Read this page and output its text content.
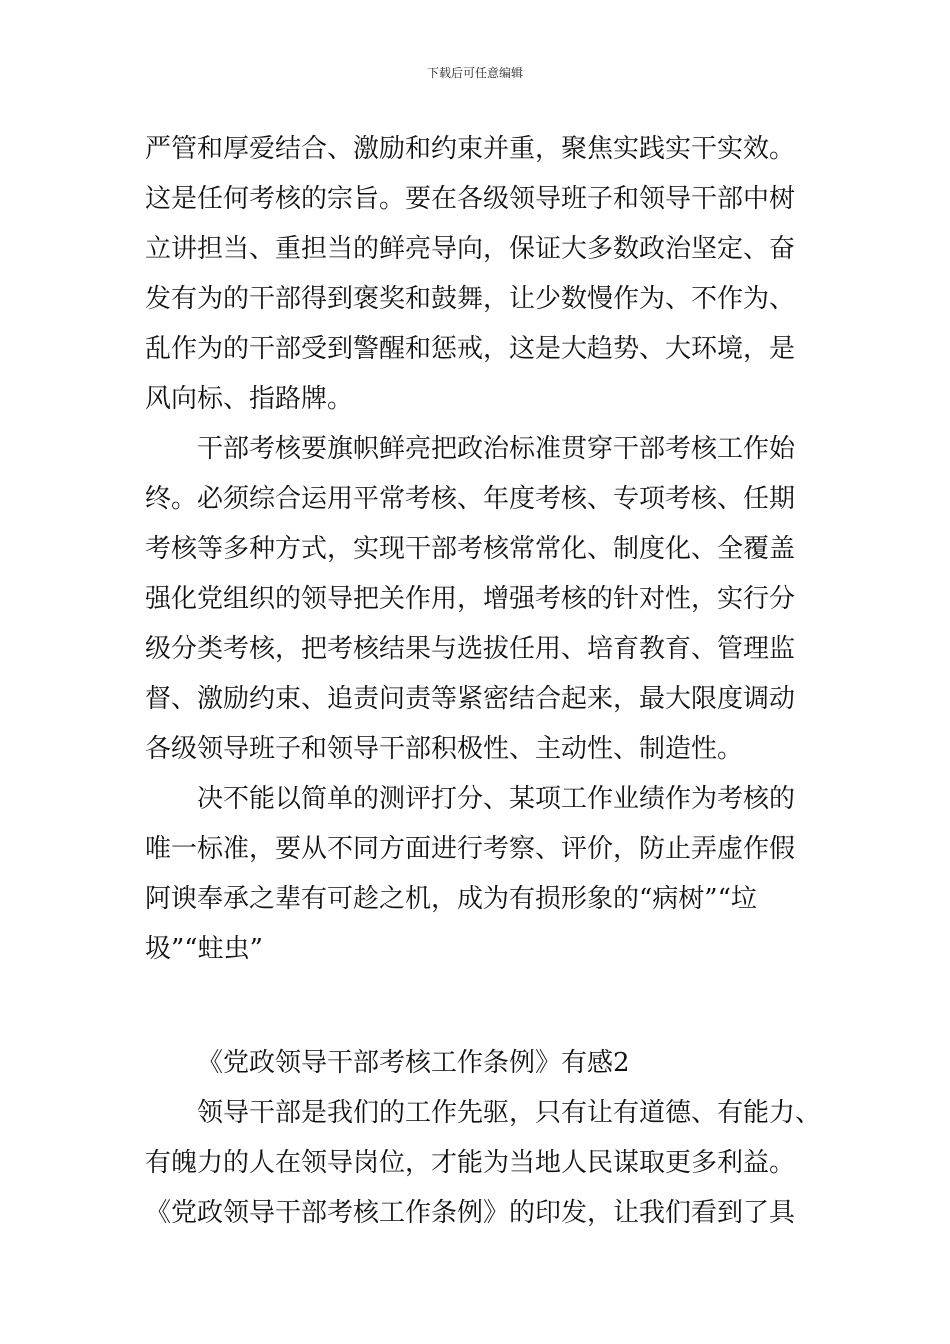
下载后可任意编辑
严管和厚爱结合、激励和约束并重，聚焦实践实干实效。
这是任何考核的宗旨。要在各级领导班子和领导干部中树
立讲担当、重担当的鲜亮导向，保证大多数政治坚定、奋
发有为的干部得到褒奖和鼓舞，让少数慢作为、不作为、
乱作为的干部受到警醒和惩戒，这是大趋势、大环境，是
风向标、指路牌。
干部考核要旗帜鲜亮把政治标准贯穿干部考核工作始
终。必须综合运用平常考核、年度考核、专项考核、任期
考核等多种方式，实现干部考核常常化、制度化、全覆盖
强化党组织的领导把关作用，增强考核的针对性，实行分
级分类考核，把考核结果与选拔任用、培育教育、管理监
督、激励约束、追责问责等紧密结合起来，最大限度调动
各级领导班子和领导干部积极性、主动性、制造性。
决不能以简单的测评打分、某项工作业绩作为考核的
唯一标准，要从不同方面进行考察、评价，防止弄虚作假
阿谀奉承之辈有可趁之机，成为有损形象的“病树”“垃
圾”“蛀虫”
《党政领导干部考核工作条例》有感2
领导干部是我们的工作先驱，只有让有道德、有能力、
有魄力的人在领导岗位，才能为当地人民谋取更多利益。
《党政领导干部考核工作条例》的印发，让我们看到了具
